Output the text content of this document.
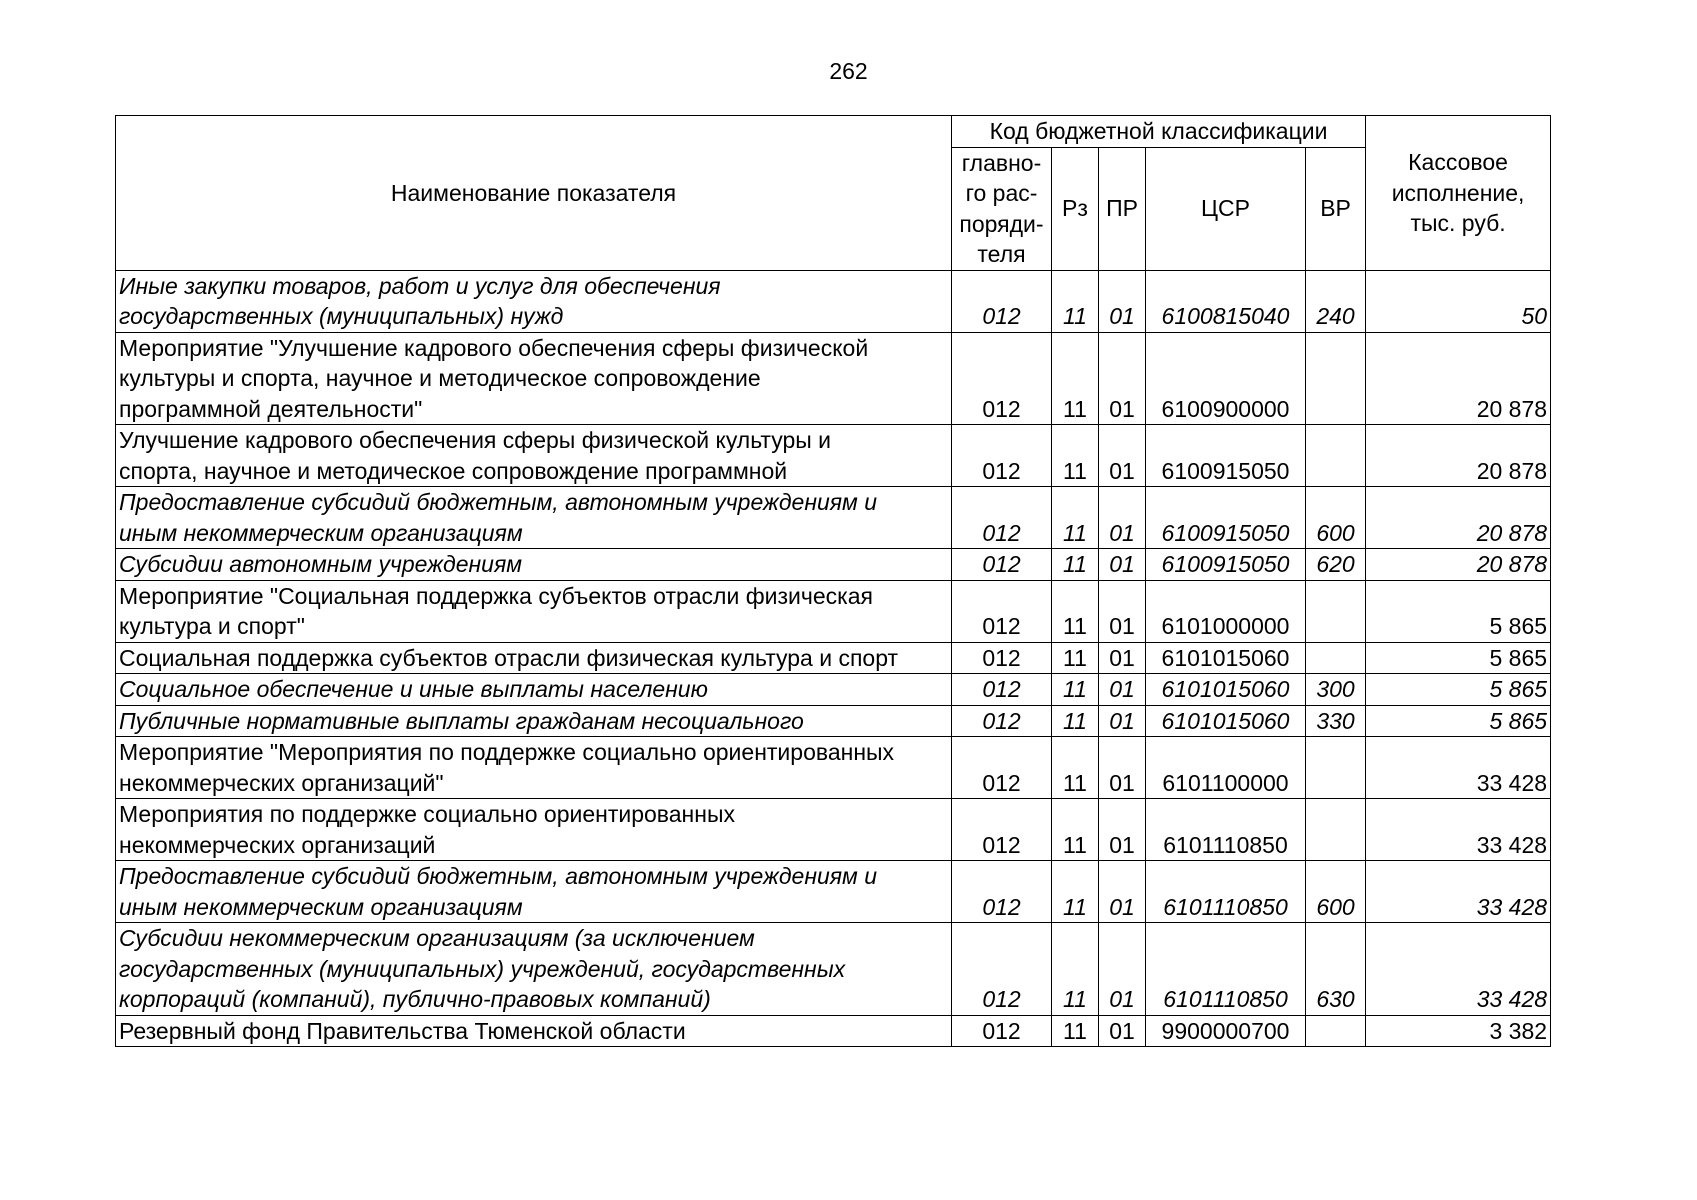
262
Наименование показателя	Код бюджетной классификации					Кассовое
исполнение,
тыс. руб.
	главно-
го рас-
поряди-
теля	Рз	ПР	ЦСР	ВР	
Иные закупки товаров, работ и услуг для обеспечения
государственных (муниципальных) нужд	012	11	01	6100815040	240	50
Мероприятие "Улучшение кадрового обеспечения сферы физической
культуры и спорта, научное и методическое сопровождение
программной деятельности"	012	11	01	6100900000		20 878
Улучшение кадрового обеспечения сферы физической культуры и
спорта, научное и методическое сопровождение программной	012	11	01	6100915050		20 878
Предоставление субсидий бюджетным, автономным учреждениям и
иным некоммерческим организациям	012	11	01	6100915050	600	20 878
Субсидии автономным учреждениям	012	11	01	6100915050	620	20 878
Мероприятие "Социальная поддержка субъектов отрасли физическая
культура и спорт"	012	11	01	6101000000		5 865
Социальная поддержка субъектов отрасли физическая культура и спорт	012	11	01	6101015060		5 865
Социальное обеспечение и иные выплаты населению	012	11	01	6101015060	300	5 865
Публичные нормативные выплаты гражданам несоциального	012	11	01	6101015060	330	5 865
Мероприятие "Мероприятия по поддержке социально ориентированных
некоммерческих организаций"	012	11	01	6101100000		33 428
Мероприятия по поддержке социально ориентированных
некоммерческих организаций	012	11	01	6101110850		33 428
Предоставление субсидий бюджетным, автономным учреждениям и
иным некоммерческим организациям	012	11	01	6101110850	600	33 428
Субсидии некоммерческим организациям (за исключением
государственных (муниципальных) учреждений, государственных
корпораций (компаний), публично-правовых компаний)	012	11	01	6101110850	630	33 428
Резервный фонд Правительства Тюменской области	012	11	01	9900000700		3 382
